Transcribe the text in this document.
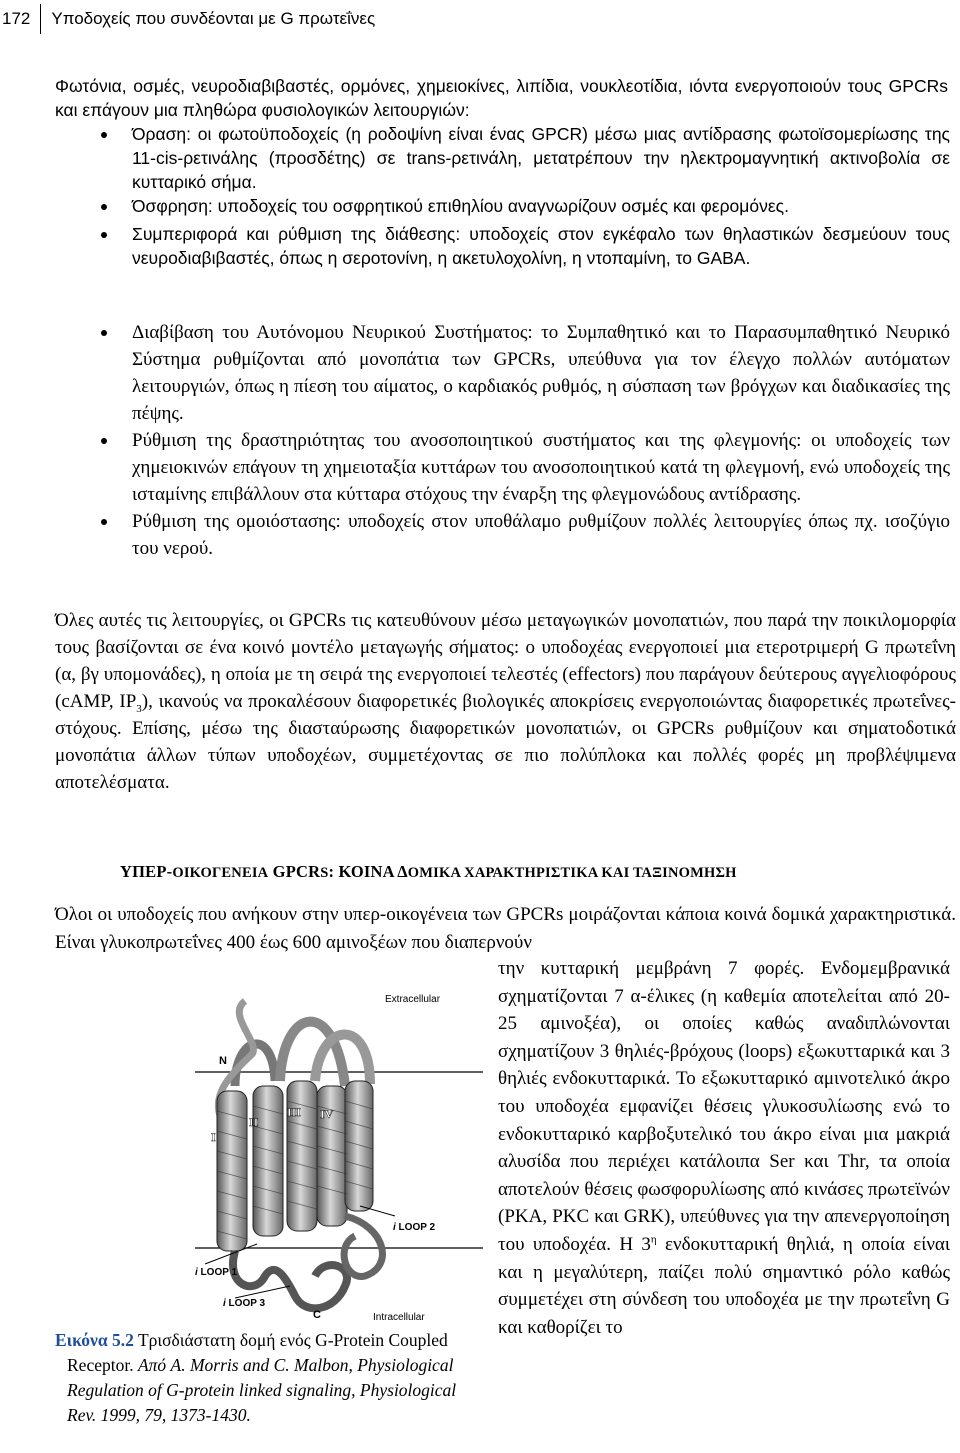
172	Υποδοχείς που συνδέονται με G πρωτεΐνες
Φωτόνια, οσμές, νευροδιαβιβαστές, ορμόνες, χημειοκίνες, λιπίδια, νουκλεοτίδια, ιόντα ενεργοποιούν τους GPCRs και επάγουν μια πληθώρα φυσιολογικών λειτουργιών:
Όραση: οι φωτοϋποδοχείς (η ροδοψίνη είναι ένας GPCR) μέσω μιας αντίδρασης φωτοϊσομερίωσης της 11-cis-ρετινάλης (προσδέτης) σε trans-ρετινάλη, μετατρέπουν την ηλεκτρομαγνητική ακτινοβολία σε κυτταρικό σήμα.
Όσφρηση: υποδοχείς του οσφρητικού επιθηλίου αναγνωρίζουν οσμές και φερομόνες.
Συμπεριφορά και ρύθμιση της διάθεσης: υποδοχείς στον εγκέφαλο των θηλαστικών δεσμεύουν τους νευροδιαβιβαστές, όπως η σεροτονίνη, η ακετυλοχολίνη, η ντοπαμίνη, το GABA.
Διαβίβαση του Αυτόνομου Νευρικού Συστήματος: το Συμπαθητικό και το Παρασυμπαθητικό Νευρικό Σύστημα ρυθμίζονται από μονοπάτια των GPCRs, υπεύθυνα για τον έλεγχο πολλών αυτόματων λειτουργιών, όπως η πίεση του αίματος, ο καρδιακός ρυθμός, η σύσπαση των βρόγχων και διαδικασίες της πέψης.
Ρύθμιση της δραστηριότητας του ανοσοποιητικού συστήματος και της φλεγμονής: οι υποδοχείς των χημειοκινών επάγουν τη χημειοταξία κυττάρων του ανοσοποιητικού κατά τη φλεγμονή, ενώ υποδοχείς της ισταμίνης επιβάλλουν στα κύτταρα στόχους την έναρξη της φλεγμονώδους αντίδρασης.
Ρύθμιση της ομοιόστασης: υποδοχείς στον υποθάλαμο ρυθμίζουν πολλές λειτουργίες όπως πχ. ισοζύγιο του νερού.
Όλες αυτές τις λειτουργίες, οι GPCRs τις κατευθύνουν μέσω μεταγωγικών μονοπατιών, που παρά την ποικιλομορφία τους βασίζονται σε ένα κοινό μοντέλο μεταγωγής σήματος: ο υποδοχέας ενεργοποιεί μια ετεροτριμερή G πρωτεΐνη (α, βγ υπομονάδες), η οποία με τη σειρά της ενεργοποιεί τελεστές (effectors) που παράγουν δεύτερους αγγελιοφόρους (cAMP, $IP_3$), ικανούς να προκαλέσουν διαφορετικές βιολογικές αποκρίσεις ενεργοποιώντας διαφορετικές πρωτεΐνες-στόχους. Επίσης, μέσω της διασταύρωσης διαφορετικών μονοπατιών, οι GPCRs ρυθμίζουν και σηματοδοτικά μονοπάτια άλλων τύπων υποδοχέων, συμμετέχοντας σε πιο πολύπλοκα και πολλές φορές μη προβλέψιμενα αποτελέσματα.
ΥΠΕΡ-ΟΙΚΟΓΕΝΕΙΑ GPCRS: ΚΟΙΝΑ ΔΟΜΙΚΑ ΧΑΡΑΚΤΗΡΙΣΤΙΚΑ ΚΑΙ ΤΑΞΙΝΟΜΗΣΗ
Όλοι οι υποδοχείς που ανήκουν στην υπερ-οικογένεια των GPCRs μοιράζονται κάποια κοινά δομικά χαρακτηριστικά. Είναι γλυκοπρωτεΐνες 400 έως 600 αμινοξέων που διαπερνούν
την κυτταρική μεμβράνη 7 φορές. Ενδομεμβρανικά σχηματίζονται 7 α-έλικες (η καθεμία αποτελείται από 20-25 αμινοξέα), οι οποίες καθώς αναδιπλώνονται σχηματίζουν 3 θηλιές-βρόχους (loops) εξωκυτταρικά και 3 θηλιές ενδοκυτταρικά. Το εξωκυτταρικό αμινοτελικό άκρο του υποδοχέα εμφανίζει θέσεις γλυκοσυλίωσης ενώ το ενδοκυτταρικό καρβοξυτελικό του άκρο είναι μια μακριά αλυσίδα που περιέχει κατάλοιπα Ser και Thr, τα οποία αποτελούν θέσεις φωσφορυλίωσης από κινάσες πρωτεϊνών (PKA, PKC και GRK), υπεύθυνες για την απενεργοποίηση του υποδοχέα. Η $3^\eta$ ενδοκυτταρική θηλιά, η οποία είναι και η μεγαλύτερη, παίζει πολύ σημαντικό ρόλο καθώς συμμετέχει στη σύνδεση του υποδοχέα με την πρωτεΐνη G και καθορίζει το
Extracellular
Intracellular
N
C
I
II
III IV
i LOOP 1
i LOOP 2
i LOOP 3
Εικόνα 5.2 Τρισδιάστατη δομή ενός G-Protein Coupled Receptor. Από A. Morris and C. Malbon, Physiological Regulation of G-protein linked signaling, Physiological Rev. 1999, 79, 1373-1430.
